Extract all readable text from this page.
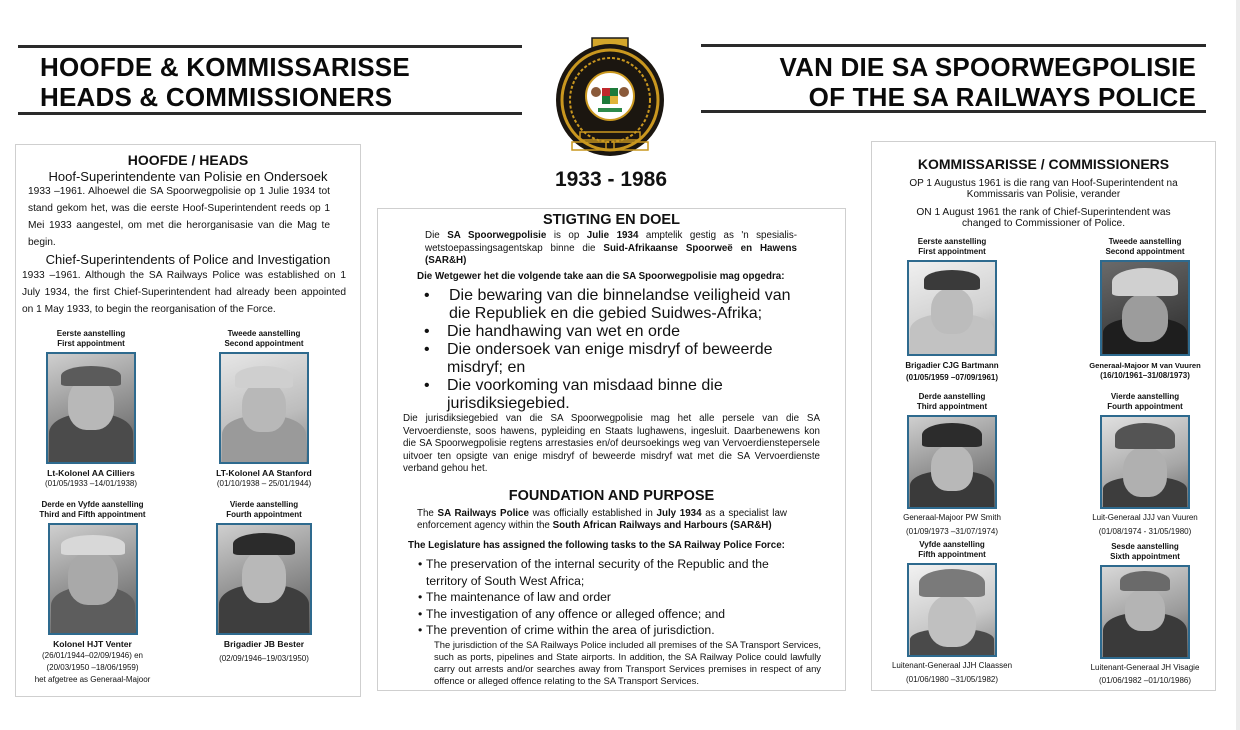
HOOFDE & KOMMISSARISSE
HEADS & COMMISSIONERS
VAN DIE SA SPOORWEGPOLISIE
OF THE SA RAILWAYS POLICE
1933 - 1986
HOOFDE / HEADS
Hoof-Superintendente van Polisie en Ondersoek
1933 –1961. Alhoewel die SA Spoorwegpolisie op 1 Julie 1934 tot stand gekom het, was die eerste Hoof-Superintendent reeds op 1 Mei 1933 aangestel, om met die herorganisasie van die Mag te begin.
Chief-Superintendents of Police and Investigation
1933 –1961. Although the SA Railways Police was established on 1 July 1934, the first Chief-Superintendent had already been appointed on 1 May 1933, to begin the reorganisation of the Force.
Eerste aanstelling
First appointment
Lt-Kolonel AA Cilliers
(01/05/1933 –14/01/1938)
Tweede aanstelling
Second appointment
LT-Kolonel AA Stanford
(01/10/1938 – 25/01/1944)
Derde en Vyfde aanstelling
Third and Fifth appointment
Kolonel HJT Venter
(26/01/1944–02/09/1946) en
(20/03/1950 –18/06/1959)
het afgetree as Generaal-Majoor
Vierde aanstelling
Fourth appointment
Brigadier JB Bester
(02/09/1946–19/03/1950)
STIGTING EN DOEL

Die SA Spoorwegpolisie is op Julie 1934 amptelik gestig as 'n spesialis-wetstoepassingsagentskap binne die Suid-Afrikaanse Spoorweë en Hawens (SAR&H)

Die Wetgewer het die volgende take aan die SA Spoorwegpolisie mag opgedra:

• Die bewaring van die binnelandse veiligheid van die Republiek en die gebied Suidwes-Afrika;
• Die handhawing van wet en orde
• Die ondersoek van enige misdryf of beweerde misdryf; en
• Die voorkoming van misdaad binne die jurisdiksiegebied.

Die jurisdiksiegebied van die SA Spoorwegpolisie mag het alle persele van die SA Vervoerdienste, soos hawens, pypleiding en Staats lughawens, ingesluit. Daarbenewens kon die SA Spoorwegpolisie regtens arrestasies en/of deursoekings weg van Vervoerdienstepersele uitvoer ten opsigte van enige misdryf of beweerde misdryf wat met die SA Vervoerdienste verband gehou het.

FOUNDATION AND PURPOSE

The SA Railways Police was officially established in July 1934 as a specialist law enforcement agency within the South African Railways and Harbours (SAR&H)

The Legislature has assigned the following tasks to the SA Railway Police Force:

• The preservation of the internal security of the Republic and the territory of South West Africa;
• The maintenance of law and order
• The investigation of any offence or alleged offence; and
• The prevention of crime within the area of jurisdiction.

The jurisdiction of the SA Railways Police included all premises of the SA Transport Services, such as ports, pipelines and State airports. In addition, the SA Railway Police could lawfully carry out arrests and/or searches away from Transport Services premises in respect of any offence or alleged offence relating to the SA Transport Services.

KOMMISSARISSE / COMMISSIONERS
OP 1 Augustus 1961 is die rang van Hoof-Superintendent na Kommissaris van Polisie, verander
ON 1 August 1961 the rank of Chief-Superintendent was changed to Commissioner of Police.
Eerste aanstelling
First appointment
Brigadier CJG Bartmann
(01/05/1959 –07/09/1961)
Tweede aanstelling
Second appointment
Generaal-Majoor M van Vuuren
(16/10/1961–31/08/1973)
Derde aanstelling
Third appointment
Generaal-Majoor PW Smith
(01/09/1973 –31/07/1974)
Vierde aanstelling
Fourth appointment
Luit-Generaal JJJ van Vuuren
(01/08/1974 - 31/05/1980)
Vyfde aanstelling
Fifth appointment
Luitenant-Generaal JJH Claassen
(01/06/1980 –31/05/1982)
Sesde aanstelling
Sixth appointment
Luitenant-Generaal JH Visagie
(01/06/1982 –01/10/1986)
